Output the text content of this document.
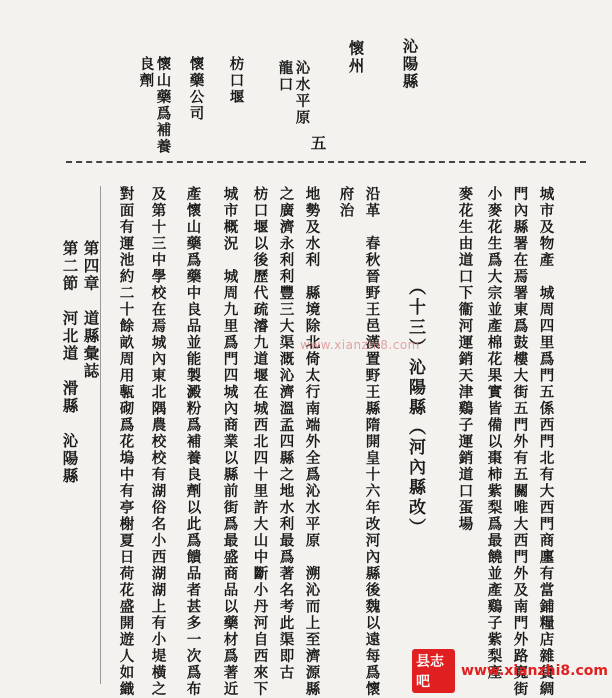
沁陽縣
懷州
沁水平原
龍口
五
枋口堰
懷藥公司
懷山藥爲補養
良劑
城市及物產　城周四里爲門五係西門北有大西門商廛有當鋪糧店雜貨綢
門內縣署在焉署東爲鼓樓大街五門外有五關唯大西門外及南門外路寬街
小麥花生爲大宗並產棉花果實皆備以棗柿紫梨爲最饒並產鷄子紫梨產
麥花生由道口下衞河運銷天津鷄子運銷道口蛋場
（十三）沁陽縣（河內縣改）
沿革　春秋晉野王邑漢置野王縣隋開皇十六年改河內縣後魏以遠每爲懷
府治
地勢及水利　縣境除北倚太行南端外全爲沁水平原　溯沁而上至濟源縣
之廣濟永利利豐三大渠溉沁濟溫孟四縣之地水利最爲著名考此渠即古
枋口堰以後歷代疏濬九道堰在城西北四十里許大山中斷小丹河自西來下
城市概況　城周九里爲門四城內商業以縣前街爲最盛商品以藥材爲著近
產懷山藥爲藥中良品並能製澱粉爲補養良劑以此爲饋品者甚多一次爲布
及第十三中學校在焉城內東北隅農校校有湖俗名小西湖湖上有小堤橫之
對面有運池約二十餘畝周用甎砌爲花塢中有亭榭夏日荷花盛開遊人如織
第四章　道縣彙誌
第二節　河北道　滑縣　沁陽縣	www.xianzhi8.com
县志吧
www.xianzhi8.com
